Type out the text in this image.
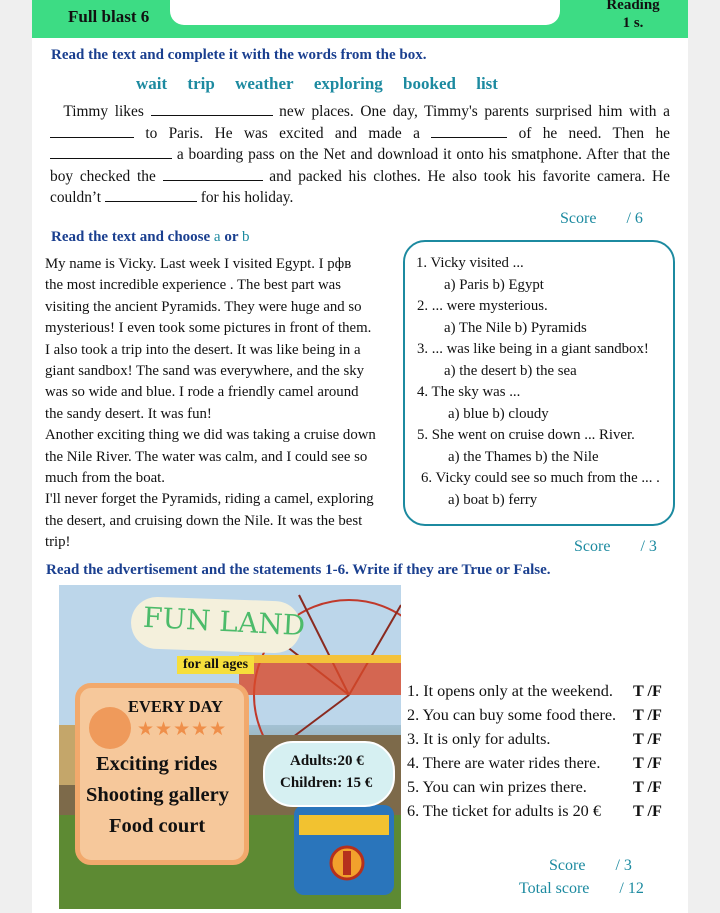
Full blast 6
Reading
1 s.
Read the text and complete it with the words from the box.
wait trip weather exploring booked list
Timmy likes	new places. One day, Timmy's parents surprised him with a  to Paris. He was excited and made a	of he need. Then he  a boarding pass on the Net and download it onto his smatphone. After that the boy checked the	and packed his clothes. He also took his favorite camera. He couldn’t	for his holiday.
Score / 6
Read the text and choose a or b
My name is Vicky. Last week I visited Egypt. I рфв
the most incredible experience . The best part was
visiting the ancient Pyramids. They were huge and so
mysterious! I even took some pictures in front of them.
I also took a trip into the desert. It was like being in a
giant sandbox! The sand was everywhere, and the sky
was so wide and blue. I rode a friendly camel around
the sandy desert. It was fun!
Another exciting thing we did was taking a cruise down
the Nile River. The water was calm, and I could see so
much from the boat.
I'll never forget the Pyramids, riding a camel, exploring
the desert, and cruising down the Nile. It was the best
trip!
1. Vicky visited ...
a) Paris b) Egypt
2. ... were mysterious.
a) The Nile b) Pyramids
3. ... was like being in a giant sandbox!
a) the desert b) the sea
4. The sky was ...
a) blue b) cloudy
5. She went on cruise down ... River.
a) the Thames b) the Nile
6. Vicky could see so much from the ... .
a) boat b) ferry
Score / 3
Read the advertisement and the statements 1-6. Write if they are True or False.
FUN LAND
for all ages
EVERY DAY
★★★★★
Exciting rides
Shooting gallery
Food court
Adults:20 €
Children: 15 €
1. It opens only at the weekend. T /F
2. You can buy some food there. T /F
3. It is only for adults.	T /F
4. There are water rides there. T /F
5. You can win prizes there.	T /F
6. The ticket for adults is 20 € T /F
Score / 3
Total score / 12
